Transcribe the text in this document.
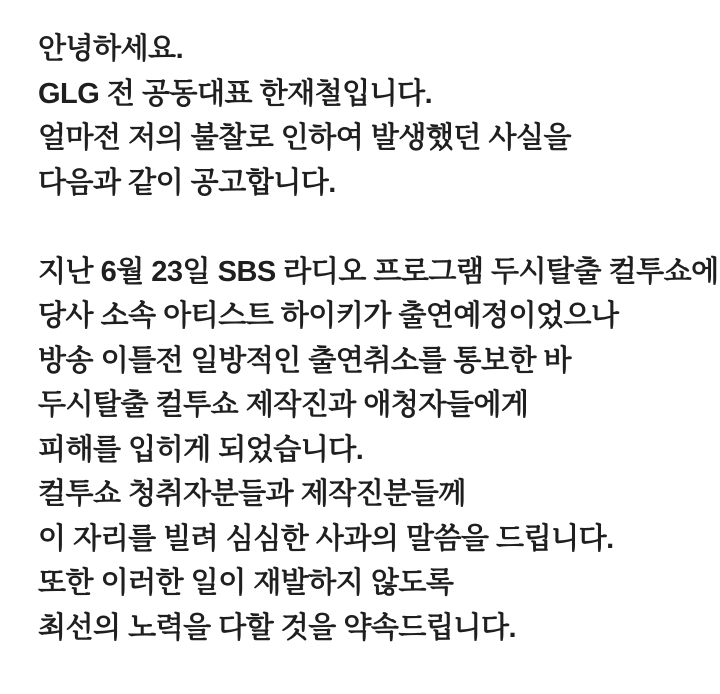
안녕하세요.

GLG 전 공동대표 한재철입니다.

얼마전 저의 불찰로 인하여 발생했던 사실을

다음과 같이 공고합니다.

지난 6월 23일 SBS 라디오 프로그램 두시탈출 컬투쇼에

당사 소속 아티스트 하이키가 출연예정이었으나

방송 이틀전 일방적인 출연취소를 통보한 바

두시탈출 컬투쇼 제작진과 애청자들에게

피해를 입히게 되었습니다.

컬투쇼 청취자분들과 제작진분들께

이 자리를 빌려 심심한 사과의 말씀을 드립니다.

또한 이러한 일이 재발하지 않도록

최선의 노력을 다할 것을 약속드립니다.
